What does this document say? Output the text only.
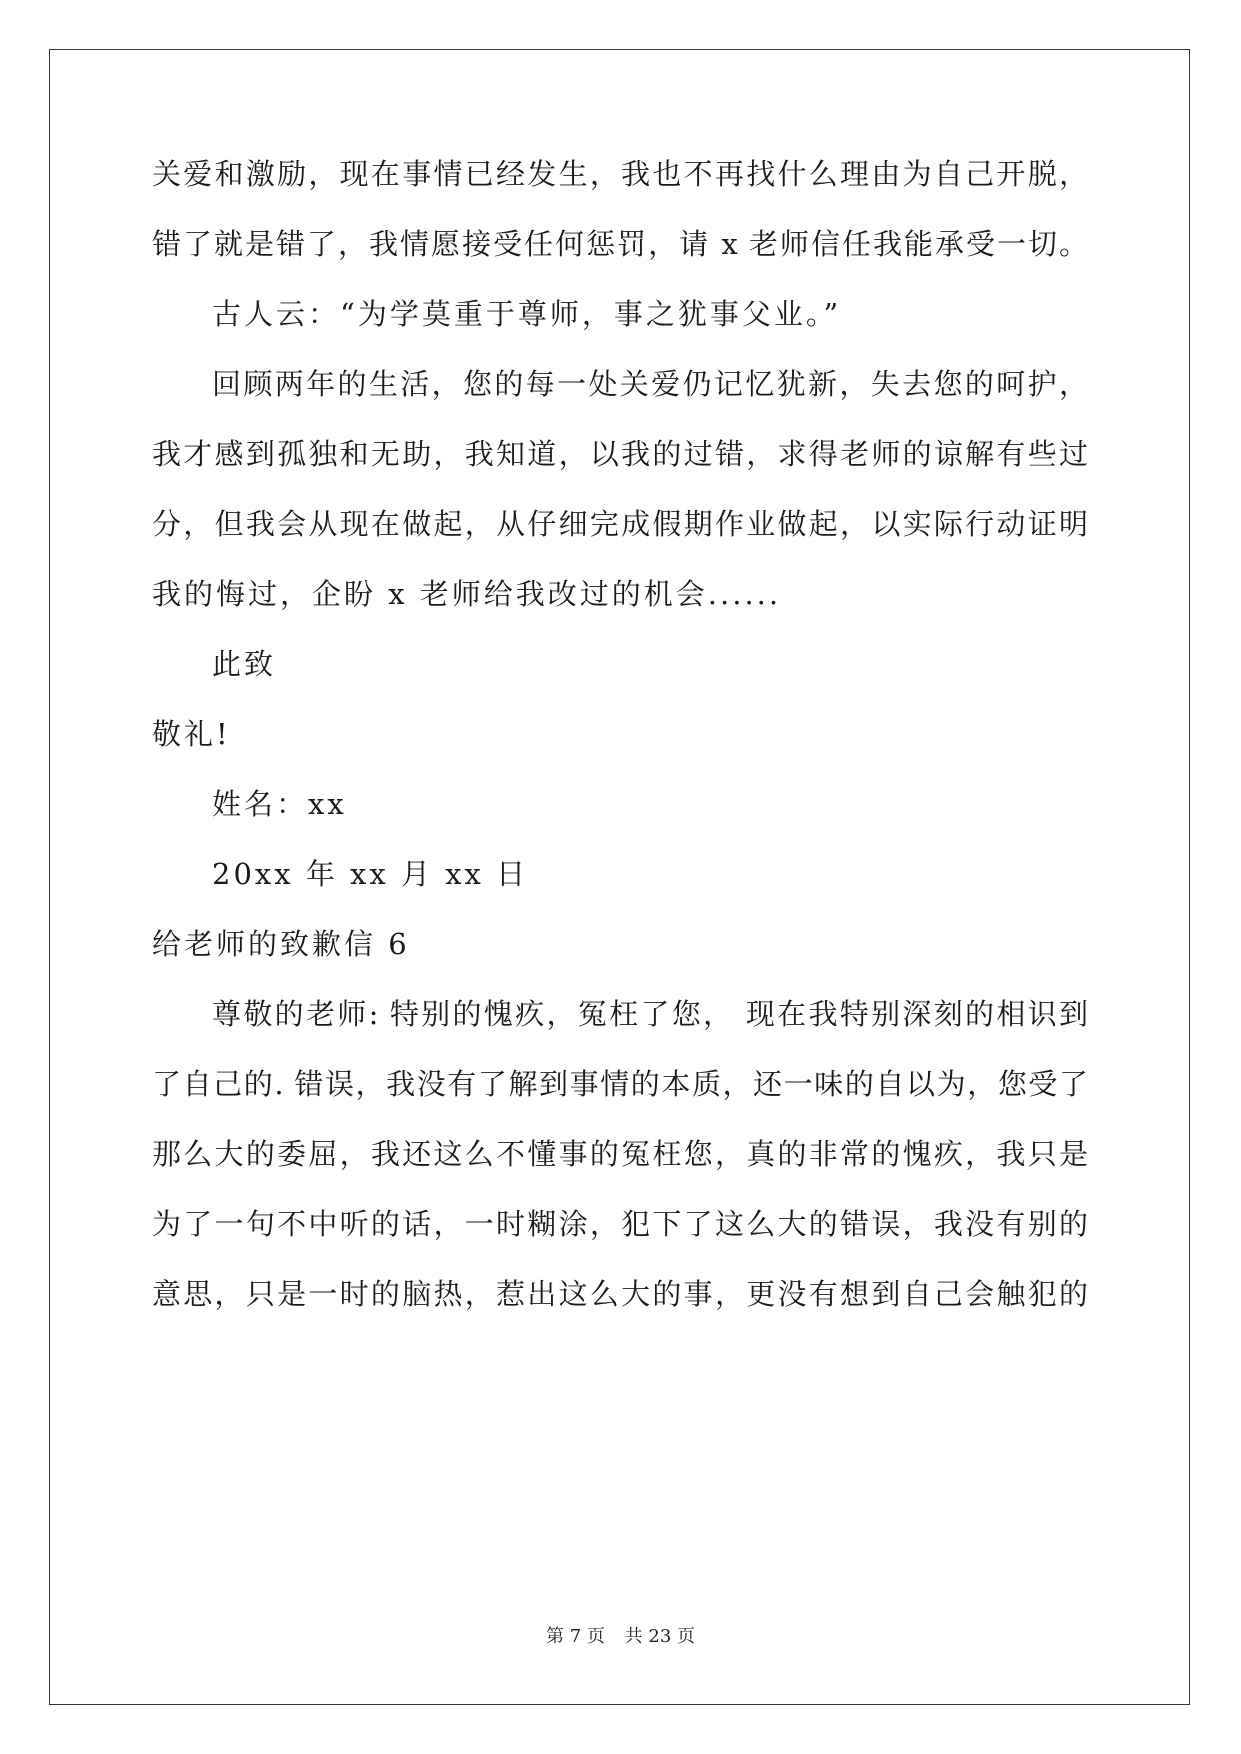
关爱和激励，现在事情已经发生，我也不再找什么理由为自己开脱，
错了就是错了，我情愿接受任何惩罚，请 x 老师信任我能承受一切。
古人云：“为学莫重于尊师，事之犹事父业。”
回顾两年的生活，您的每一处关爱仍记忆犹新，失去您的呵护，
我才感到孤独和无助，我知道，以我的过错，求得老师的谅解有些过
分，但我会从现在做起，从仔细完成假期作业做起，以实际行动证明
我的悔过，企盼 x 老师给我改过的机会......
此致
敬礼!
姓名：xx
20xx 年 xx 月 xx 日
给老师的致歉信 6
尊敬的老师: 特别的愧疚，冤枉了您， 现在我特别深刻的相识到
了自己的. 错误，我没有了解到事情的本质，还一味的自以为，您受了
那么大的委屈，我还这么不懂事的冤枉您，真的非常的愧疚，我只是
为了一句不中听的话，一时糊涂，犯下了这么大的错误，我没有别的
意思，只是一时的脑热，惹出这么大的事，更没有想到自己会触犯的
第 7 页 共 23 页
